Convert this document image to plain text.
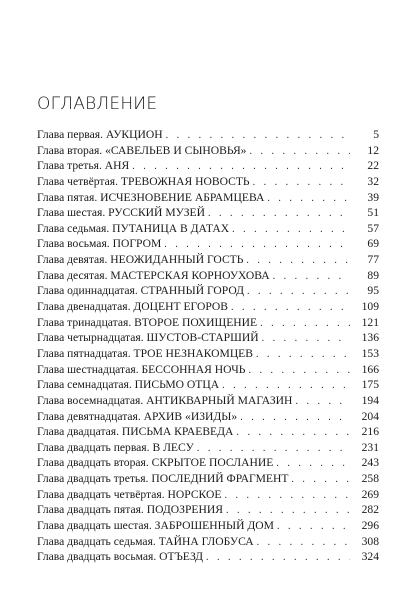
ОГЛАВЛЕНИЕ
Глава первая. АУКЦИОН . . .	5
Глава вторая. «САВЕЛЬЕВ И СЫНОВЬЯ» . . .	12
Глава третья. АНЯ . . .	22
Глава четвёртая. ТРЕВОЖНАЯ НОВОСТЬ . . .	32
Глава пятая. ИСЧЕЗНОВЕНИЕ АБРАМЦЕВА . . .	39
Глава шестая. РУССКИЙ МУЗЕЙ . . .	51
Глава седьмая. ПУТАНИЦА В ДАТАХ . . .	57
Глава восьмая. ПОГРОМ . . .	69
Глава девятая. НЕОЖИДАННЫЙ ГОСТЬ . . .	77
Глава десятая. МАСТЕРСКАЯ КОРНОУХОВА . . .	89
Глава одиннадцатая. СТРАННЫЙ ГОРОД . . .	95
Глава двенадцатая. ДОЦЕНТ ЕГОРОВ . . .	109
Глава тринадцатая. ВТОРОЕ ПОХИЩЕНИЕ . . .	121
Глава четырнадцатая. ШУСТОВ-СТАРШИЙ . . .	136
Глава пятнадцатая. ТРОЕ НЕЗНАКОМЦЕВ . . .	153
Глава шестнадцатая. БЕССОННАЯ НОЧЬ . . .	166
Глава семнадцатая. ПИСЬМО ОТЦА . . .	175
Глава восемнадцатая. АНТИКВАРНЫЙ МАГАЗИН . . .	194
Глава девятнадцатая. АРХИВ «ИЗИДЫ» . . .	204
Глава двадцатая. ПИСЬМА КРАЕВЕДА . . .	216
Глава двадцать первая. В ЛЕСУ . . .	231
Глава двадцать вторая. СКРЫТОЕ ПОСЛАНИЕ . . .	243
Глава двадцать третья. ПОСЛЕДНИЙ ФРАГМЕНТ . . .	258
Глава двадцать четвёртая. НОРСКОЕ . . .	269
Глава двадцать пятая. ПОДОЗРЕНИЯ . . .	282
Глава двадцать шестая. ЗАБРОШЕННЫЙ ДОМ . . .	296
Глава двадцать седьмая. ТАЙНА ГЛОБУСА . . .	308
Глава двадцать восьмая. ОТЪЕЗД . . .	324
